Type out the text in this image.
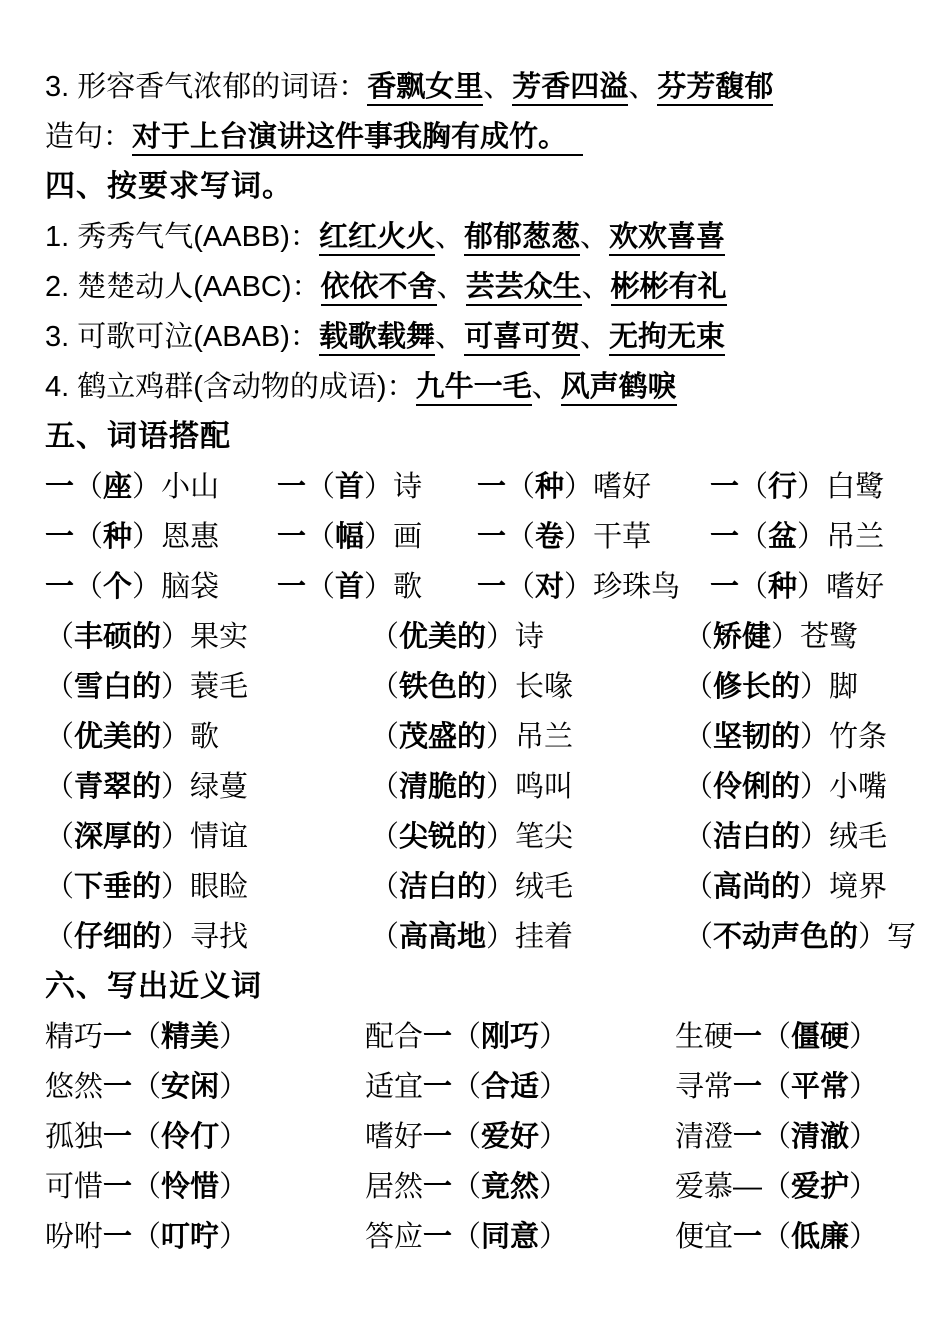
3. 形容香气浓郁的词语：香飘女里、芳香四溢、芬芳馥郁
造句：对于上台演讲这件事我胸有成竹。
四、按要求写词。
1. 秀秀气气(AABB)：红红火火、郁郁葱葱、欢欢喜喜
2. 楚楚动人(AABC)：依依不舍、芸芸众生、彬彬有礼
3. 可歌可泣(ABAB)：载歌载舞、可喜可贺、无拘无束
4. 鹤立鸡群(含动物的成语)：九牛一毛、风声鹤唳
五、词语搭配
一（座）小山	一（首）诗	一（种）嗜好	一（行）白鹭
一（种）恩惠	一（幅）画	一（卷）干草	一（盆）吊兰
一（个）脑袋	一（首）歌	一（对）珍珠鸟	一（种）嗜好
（丰硕的）果实	（优美的）诗	（矫健）苍鹭
（雪白的）蓑毛	（铁色的）长喙	（修长的）脚
（优美的）歌	（茂盛的）吊兰	（坚韧的）竹条
（青翠的）绿蔓	（清脆的）鸣叫	（伶俐的）小嘴
（深厚的）情谊	（尖锐的）笔尖	（洁白的）绒毛
（下垂的）眼睑	（洁白的）绒毛	（高尚的）境界
（仔细的）寻找	（高高地）挂着	（不动声色的）写
六、写出近义词
精巧一（精美）	配合一（刚巧）	生硬一（僵硬）
悠然一（安闲）	适宜一（合适）	寻常一（平常）
孤独一（伶仃）	嗜好一（爱好）	清澄一（清澈）
可惜一（怜惜）	居然一（竟然）	爱慕—（爱护）
吩咐一（叮咛）	答应一（同意）	便宜一（低廉）
